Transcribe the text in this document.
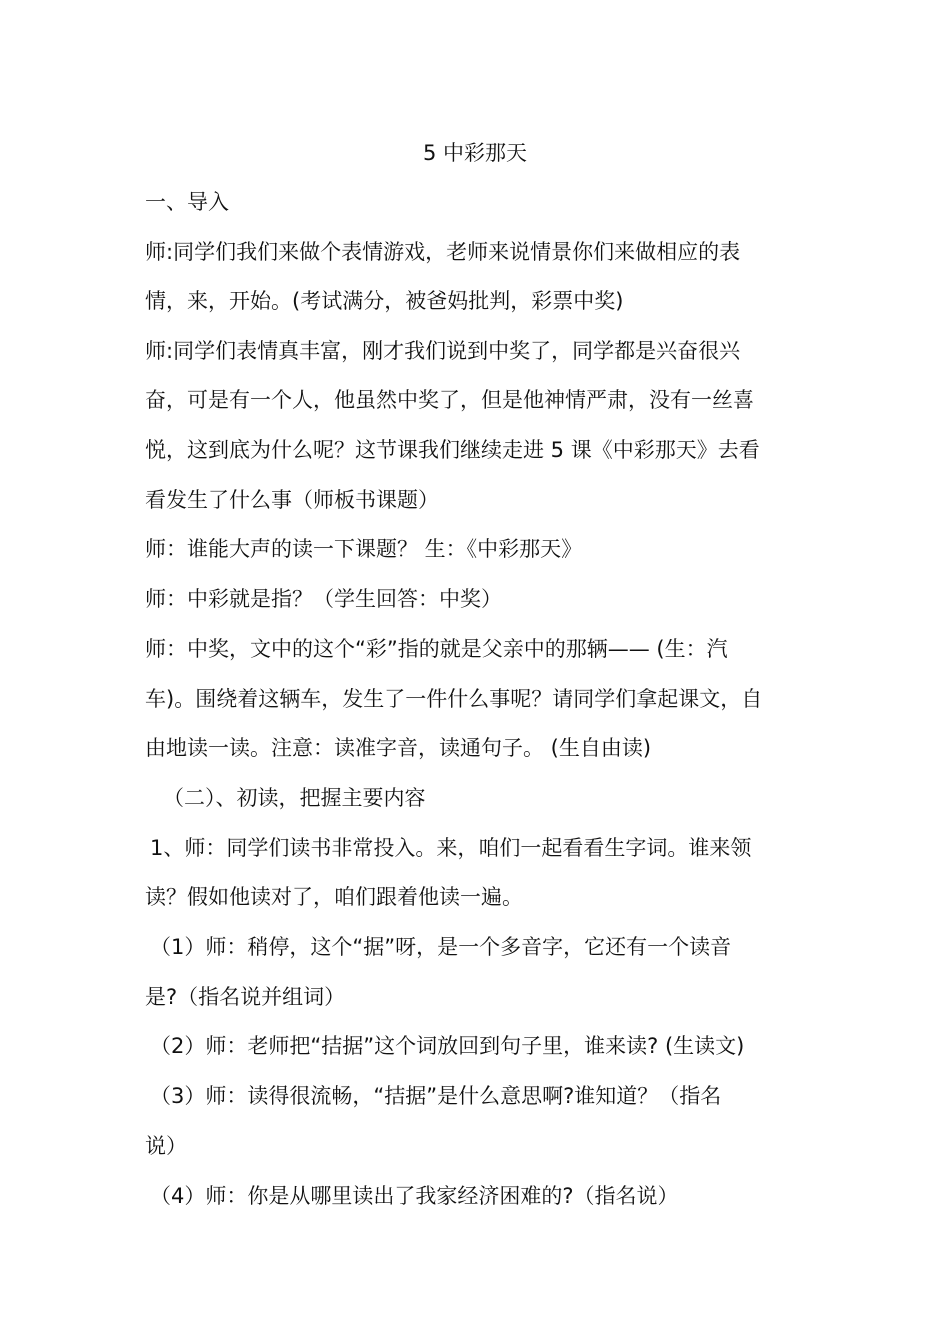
5 中彩那天
一、导入
师:同学们我们来做个表情游戏，老师来说情景你们来做相应的表
情，来，开始。(考试满分，被爸妈批判，彩票中奖)
师:同学们表情真丰富，刚才我们说到中奖了，同学都是兴奋很兴
奋，可是有一个人，他虽然中奖了，但是他神情严肃，没有一丝喜
悦，这到底为什么呢？这节课我们继续走进 5 课《中彩那天》去看
看发生了什么事（师板书课题）
师：谁能大声的读一下课题？ 生：《中彩那天》
师：中彩就是指？（学生回答：中奖）
师：中奖，文中的这个“彩”指的就是父亲中的那辆—— (生：汽
车)。围绕着这辆车，发生了一件什么事呢？请同学们拿起课文，自
由地读一读。注意：读准字音，读通句子。 (生自由读)
（二）、初读，把握主要内容
1、师：同学们读书非常投入。来，咱们一起看看生字词。谁来领
读？假如他读对了，咱们跟着他读一遍。
（1）师：稍停，这个“据”呀，是一个多音字，它还有一个读音
是?（指名说并组词）
（2）师：老师把“拮据”这个词放回到句子里，谁来读? (生读文)
（3）师：读得很流畅，“拮据”是什么意思啊?谁知道？（指名
说）
（4）师：你是从哪里读出了我家经济困难的?（指名说）
